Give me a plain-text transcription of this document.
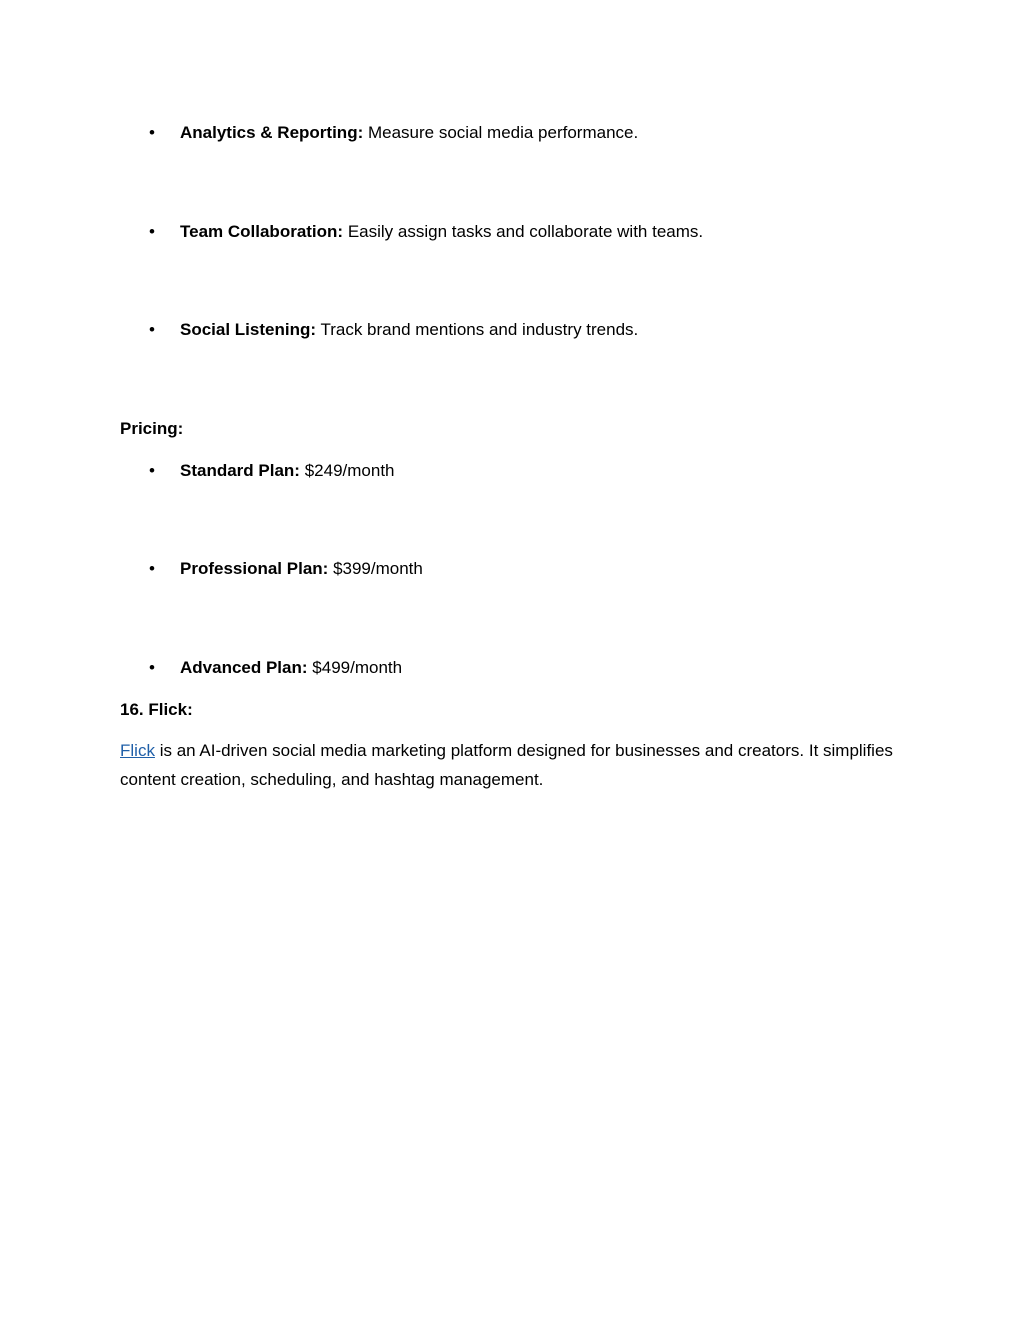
•	Analytics & Reporting: Measure social media performance.
•	Team Collaboration: Easily assign tasks and collaborate with teams.
•	Social Listening: Track brand mentions and industry trends.
Pricing:
•	Standard Plan: $249/month
•	Professional Plan: $399/month
•	Advanced Plan: $499/month
16. Flick:
Flick is an AI-driven social media marketing platform designed for businesses and creators. It simplifies content creation, scheduling, and hashtag management.
